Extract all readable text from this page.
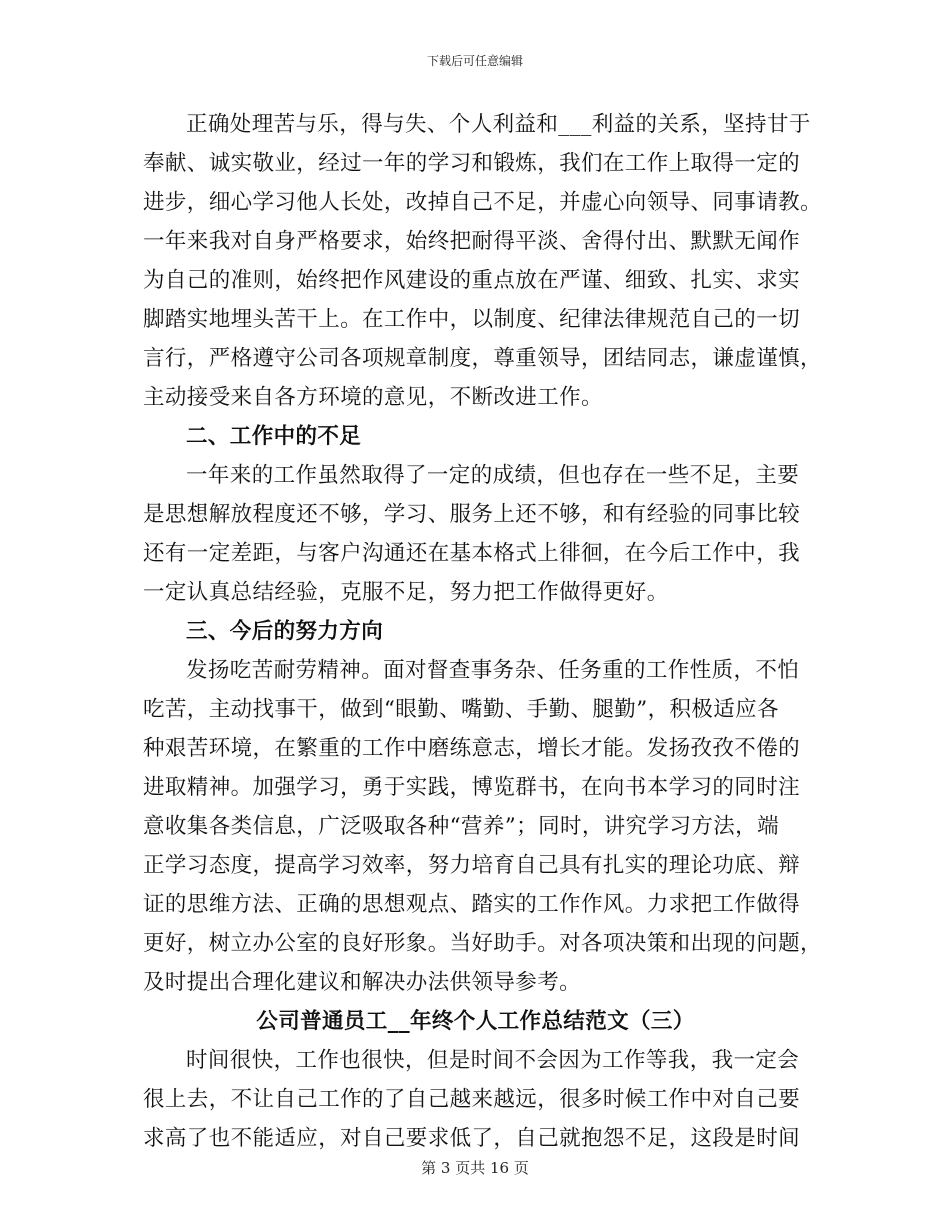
下载后可任意编辑
正确处理苦与乐，得与失、个人利益和___利益的关系，坚持甘于
奉献、诚实敬业，经过一年的学习和锻炼，我们在工作上取得一定的
进步，细心学习他人长处，改掉自己不足，并虚心向领导、同事请教。
一年来我对自身严格要求，始终把耐得平淡、舍得付出、默默无闻作
为自己的准则，始终把作风建设的重点放在严谨、细致、扎实、求实
脚踏实地埋头苦干上。在工作中，以制度、纪律法律规范自己的一切
言行，严格遵守公司各项规章制度，尊重领导，团结同志，谦虚谨慎，
主动接受来自各方环境的意见，不断改进工作。
二、工作中的不足
一年来的工作虽然取得了一定的成绩，但也存在一些不足，主要
是思想解放程度还不够，学习、服务上还不够，和有经验的同事比较
还有一定差距，与客户沟通还在基本格式上徘徊，在今后工作中，我
一定认真总结经验，克服不足，努力把工作做得更好。
三、今后的努力方向
发扬吃苦耐劳精神。面对督查事务杂、任务重的工作性质，不怕
吃苦，主动找事干，做到“眼勤、嘴勤、手勤、腿勤”，积极适应各
种艰苦环境，在繁重的工作中磨练意志，增长才能。发扬孜孜不倦的
进取精神。加强学习，勇于实践，博览群书，在向书本学习的同时注
意收集各类信息，广泛吸取各种“营养”；同时，讲究学习方法，端
正学习态度，提高学习效率，努力培育自己具有扎实的理论功底、辩
证的思维方法、正确的思想观点、踏实的工作作风。力求把工作做得
更好，树立办公室的良好形象。当好助手。对各项决策和出现的问题，
及时提出合理化建议和解决办法供领导参考。
公司普通员工__年终个人工作总结范文（三）
时间很快，工作也很快，但是时间不会因为工作等我，我一定会
很上去，不让自己工作的了自己越来越远，很多时候工作中对自己要
求高了也不能适应，对自己要求低了，自己就抱怨不足，这段是时间
第 3 页共 16 页
